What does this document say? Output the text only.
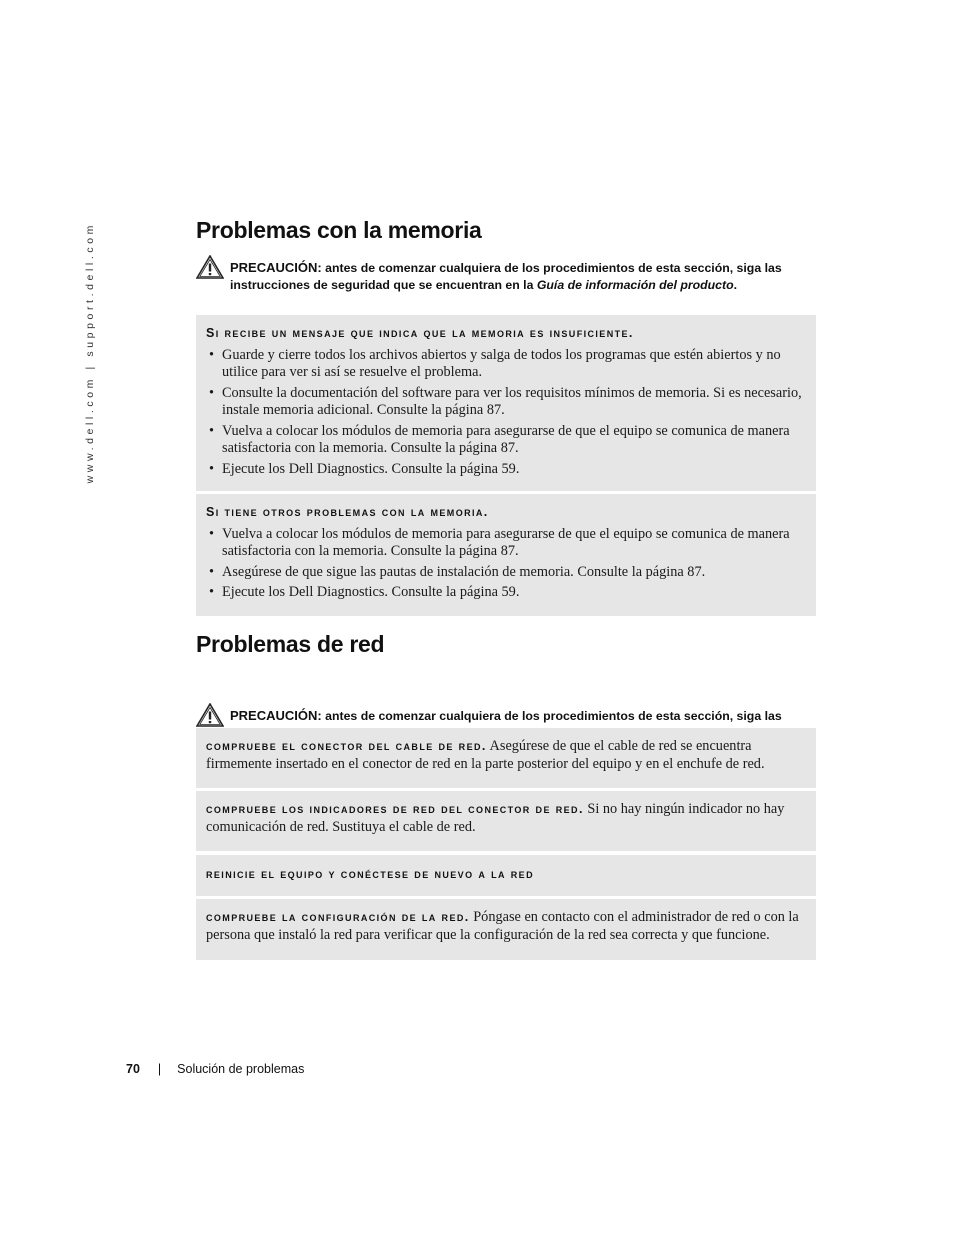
www.dell.com | support.dell.com	Problemas con la memoria
PRECAUCIÓN: antes de comenzar cualquiera de los procedimientos de esta sección, siga las instrucciones de seguridad que se encuentran en la Guía de información del producto.
Si recibe un mensaje que indica que la memoria es insuficiente.
• Guarde y cierre todos los archivos abiertos y salga de todos los programas que estén abiertos y no utilice para ver si así se resuelve el problema.
• Consulte la documentación del software para ver los requisitos mínimos de memoria. Si es necesario, instale memoria adicional. Consulte la página 87.
• Vuelva a colocar los módulos de memoria para asegurarse de que el equipo se comunica de manera satisfactoria con la memoria. Consulte la página 87.
• Ejecute los Dell Diagnostics. Consulte la página 59.
Si tiene otros problemas con la memoria.
• Vuelva a colocar los módulos de memoria para asegurarse de que el equipo se comunica de manera satisfactoria con la memoria. Consulte la página 87.
• Asegúrese de que sigue las pautas de instalación de memoria. Consulte la página 87.
• Ejecute los Dell Diagnostics. Consulte la página 59.
Problemas de red
PRECAUCIÓN: antes de comenzar cualquiera de los procedimientos de esta sección, siga las
compruebe el conector del cable de red. Asegúrese de que el cable de red se encuentra firmemente insertado en el conector de red en la parte posterior del equipo y en el enchufe de red.
compruebe los indicadores de red del conector de red. Si no hay ningún indicador no hay comunicación de red. Sustituya el cable de red.
reinicie el equipo y conéctese de nuevo a la red
compruebe la configuración de la red. Póngase en contacto con el administrador de red o con la persona que instaló la red para verificar que la configuración de la red sea correcta y que funcione.
70 | Solución de problemas
